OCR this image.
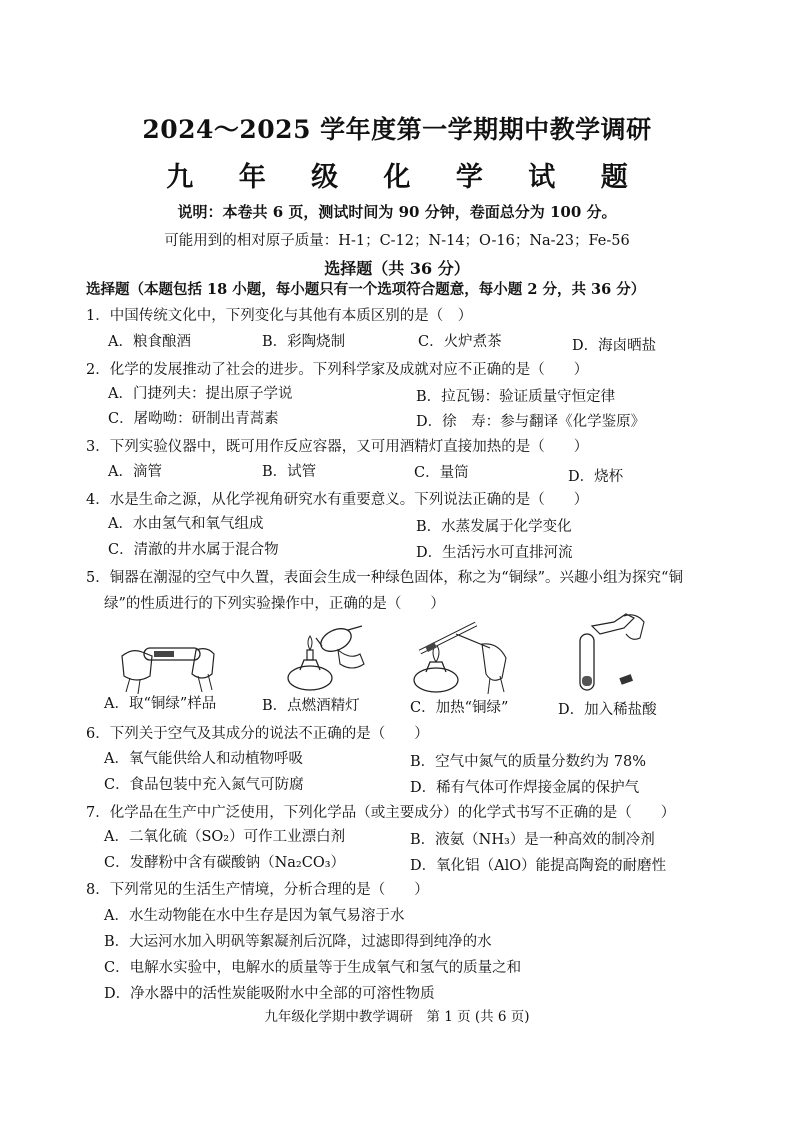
2024～2025 学年度第一学期期中教学调研
九 年 级 化 学 试 题
说明：本卷共 6 页，测试时间为 90 分钟，卷面总分为 100 分。
可能用到的相对原子质量：H-1；C-12；N-14；O-16；Na-23；Fe-56
选择题（共 36 分）
选择题（本题包括 18 小题，每小题只有一个选项符合题意，每小题 2 分，共 36 分）
1．中国传统文化中，下列变化与其他有本质区别的是（　）
A．粮食酿酒	B．彩陶烧制	C．火炉煮茶	D．海卤晒盐
2．化学的发展推动了社会的进步。下列科学家及成就对应不正确的是（　　）
A．门捷列夫：提出原子学说	B．拉瓦锡：验证质量守恒定律
C．屠呦呦：研制出青蒿素	D．徐　寿：参与翻译《化学鉴原》
3．下列实验仪器中，既可用作反应容器，又可用酒精灯直接加热的是（　　）
A．滴管	B．试管	C．量筒	D．烧杯
4．水是生命之源，从化学视角研究水有重要意义。下列说法正确的是（　　）
A．水由氢气和氧气组成	B．水蒸发属于化学变化
C．清澈的井水属于混合物	D．生活污水可直排河流
5．铜器在潮湿的空气中久置，表面会生成一种绿色固体，称之为“铜绿”。兴趣小组为探究“铜
绿”的性质进行的下列实验操作中，正确的是（　　）
A．取“铜绿”样品	B．点燃酒精灯	C．加热“铜绿”	D．加入稀盐酸
6．下列关于空气及其成分的说法不正确的是（　　）
A．氧气能供给人和动植物呼吸	B．空气中氮气的质量分数约为 78%
C．食品包装中充入氮气可防腐	D．稀有气体可作焊接金属的保护气
7．化学品在生产中广泛使用，下列化学品（或主要成分）的化学式书写不正确的是（　　）
A．二氧化硫（SO₂）可作工业漂白剂	B．液氨（NH₃）是一种高效的制冷剂
C．发酵粉中含有碳酸钠（Na₂CO₃）	D．氧化铝（AlO）能提高陶瓷的耐磨性
8．下列常见的生活生产情境，分析合理的是（　　）
A．水生动物能在水中生存是因为氧气易溶于水
B．大运河水加入明矾等絮凝剂后沉降，过滤即得到纯净的水
C．电解水实验中，电解水的质量等于生成氧气和氢气的质量之和
D．净水器中的活性炭能吸附水中全部的可溶性物质
九年级化学期中教学调研　第 1 页 (共 6 页)
